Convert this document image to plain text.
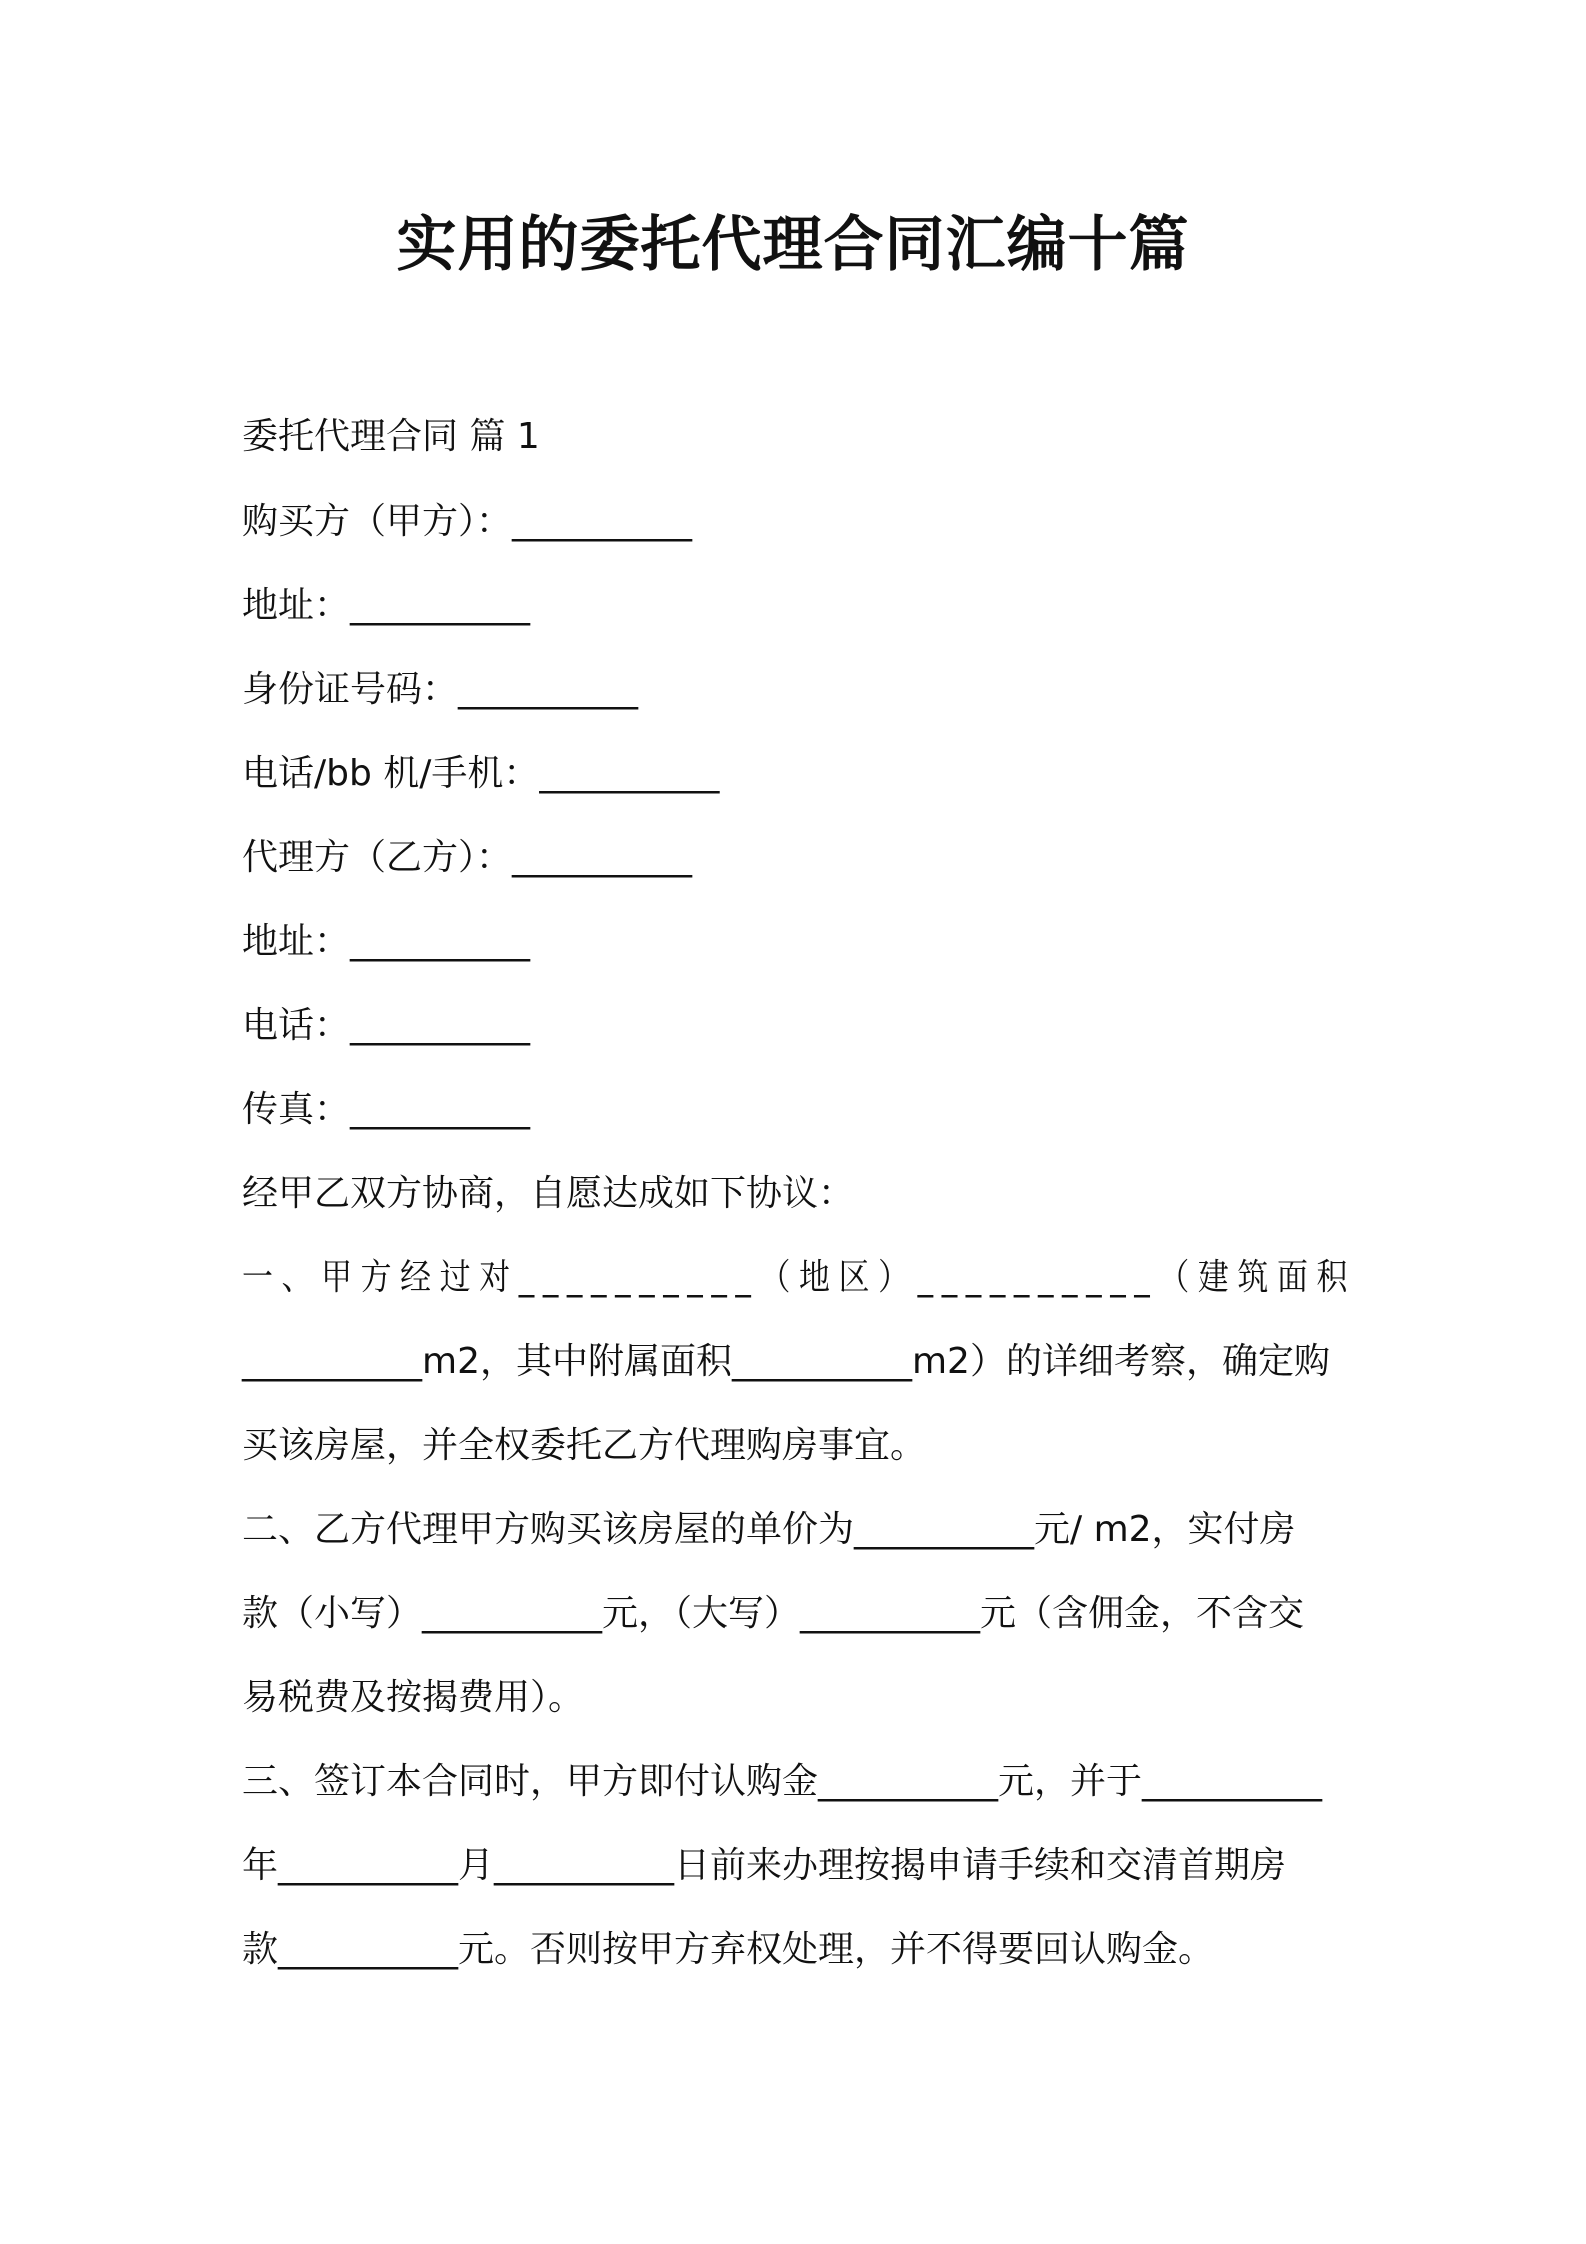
实用的委托代理合同汇编十篇
委托代理合同 篇 1
购买方（甲方）：__________
地址：__________
身份证号码：__________
电话/bb 机/手机：__________
代理方（乙方）：__________
地址：__________
电话：__________
传真：__________
经甲乙双方协商，自愿达成如下协议：
一、甲方经过对__________（地区）__________（建筑面积
__________m2，其中附属面积__________m2）的详细考察，确定购
买该房屋，并全权委托乙方代理购房事宜。
二、乙方代理甲方购买该房屋的单价为__________元/ m2，实付房
款（小写）__________元，（大写）__________元（含佣金，不含交
易税费及按揭费用）。
三、签订本合同时，甲方即付认购金__________元，并于__________
年__________月__________日前来办理按揭申请手续和交清首期房
款__________元。否则按甲方弃权处理，并不得要回认购金。
